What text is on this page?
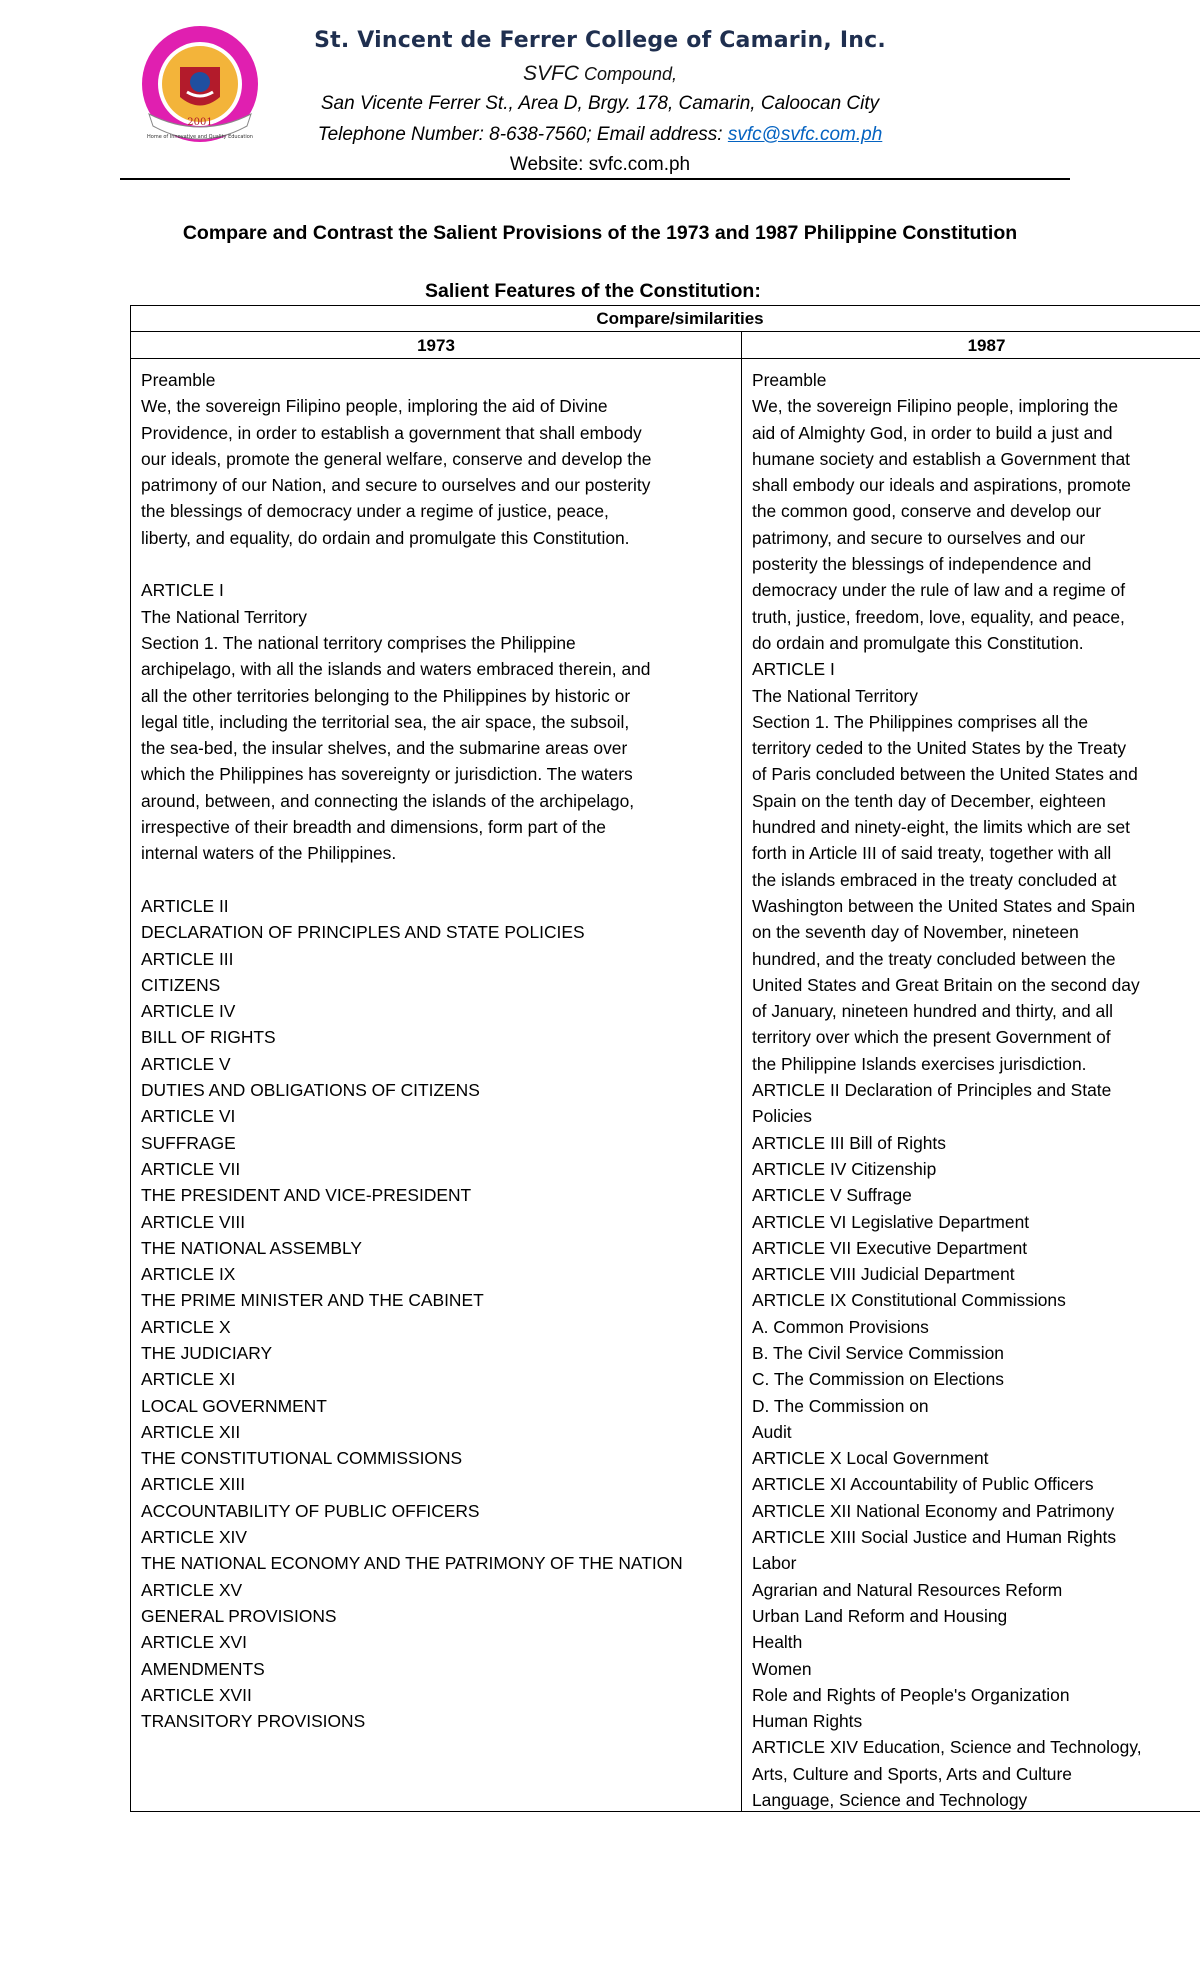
2001
Home of Innovative and Quality Education
St. Vincent de Ferrer College of Camarin, Inc.
SVFC Compound,
San Vicente Ferrer St., Area D, Brgy. 178, Camarin, Caloocan City
Telephone Number: 8-638-7560; Email address: svfc@svfc.com.ph
Website: svfc.com.ph
Compare and Contrast the Salient Provisions of the 1973 and 1987 Philippine Constitution
Salient Features of the Constitution:
Compare/similarities
1973	1987
Preamble
We, the sovereign Filipino people, imploring the aid of Divine
Providence, in order to establish a government that shall embody
our ideals, promote the general welfare, conserve and develop the
patrimony of our Nation, and secure to ourselves and our posterity
the blessings of democracy under a regime of justice, peace,
liberty, and equality, do ordain and promulgate this Constitution.
ARTICLE I
The National Territory
Section 1. The national territory comprises the Philippine
archipelago, with all the islands and waters embraced therein, and
all the other territories belonging to the Philippines by historic or
legal title, including the territorial sea, the air space, the subsoil,
the sea-bed, the insular shelves, and the submarine areas over
which the Philippines has sovereignty or jurisdiction. The waters
around, between, and connecting the islands of the archipelago,
irrespective of their breadth and dimensions, form part of the
internal waters of the Philippines.
ARTICLE II
DECLARATION OF PRINCIPLES AND STATE POLICIES
ARTICLE III
CITIZENS
ARTICLE IV
BILL OF RIGHTS
ARTICLE V
DUTIES AND OBLIGATIONS OF CITIZENS
ARTICLE VI
SUFFRAGE
ARTICLE VII
THE PRESIDENT AND VICE-PRESIDENT
ARTICLE VIII
THE NATIONAL ASSEMBLY
ARTICLE IX
THE PRIME MINISTER AND THE CABINET
ARTICLE X
THE JUDICIARY
ARTICLE XI
LOCAL GOVERNMENT
ARTICLE XII
THE CONSTITUTIONAL COMMISSIONS
ARTICLE XIII
ACCOUNTABILITY OF PUBLIC OFFICERS
ARTICLE XIV
THE NATIONAL ECONOMY AND THE PATRIMONY OF THE NATION
ARTICLE XV
GENERAL PROVISIONS
ARTICLE XVI
AMENDMENTS
ARTICLE XVII
TRANSITORY PROVISIONS
Preamble
We, the sovereign Filipino people, imploring the
aid of Almighty God, in order to build a just and
humane society and establish a Government that
shall embody our ideals and aspirations, promote
the common good, conserve and develop our
patrimony, and secure to ourselves and our
posterity the blessings of independence and
democracy under the rule of law and a regime of
truth, justice, freedom, love, equality, and peace,
do ordain and promulgate this Constitution.
ARTICLE I
The National Territory
Section 1. The Philippines comprises all the
territory ceded to the United States by the Treaty
of Paris concluded between the United States and
Spain on the tenth day of December, eighteen
hundred and ninety-eight, the limits which are set
forth in Article III of said treaty, together with all
the islands embraced in the treaty concluded at
Washington between the United States and Spain
on the seventh day of November, nineteen
hundred, and the treaty concluded between the
United States and Great Britain on the second day
of January, nineteen hundred and thirty, and all
territory over which the present Government of
the Philippine Islands exercises jurisdiction.
ARTICLE II Declaration of Principles and State
Policies
ARTICLE III Bill of Rights
ARTICLE IV Citizenship
ARTICLE V Suffrage
ARTICLE VI Legislative Department
ARTICLE VII Executive Department
ARTICLE VIII Judicial Department
ARTICLE IX Constitutional Commissions
A. Common Provisions
B. The Civil Service Commission
C. The Commission on Elections
D. The Commission on
Audit
ARTICLE X Local Government
ARTICLE XI Accountability of Public Officers
ARTICLE XII National Economy and Patrimony
ARTICLE XIII Social Justice and Human Rights
Labor
Agrarian and Natural Resources Reform
Urban Land Reform and Housing
Health
Women
Role and Rights of People's Organization
Human Rights
ARTICLE XIV Education, Science and Technology,
Arts, Culture and Sports, Arts and Culture
Language, Science and Technology
